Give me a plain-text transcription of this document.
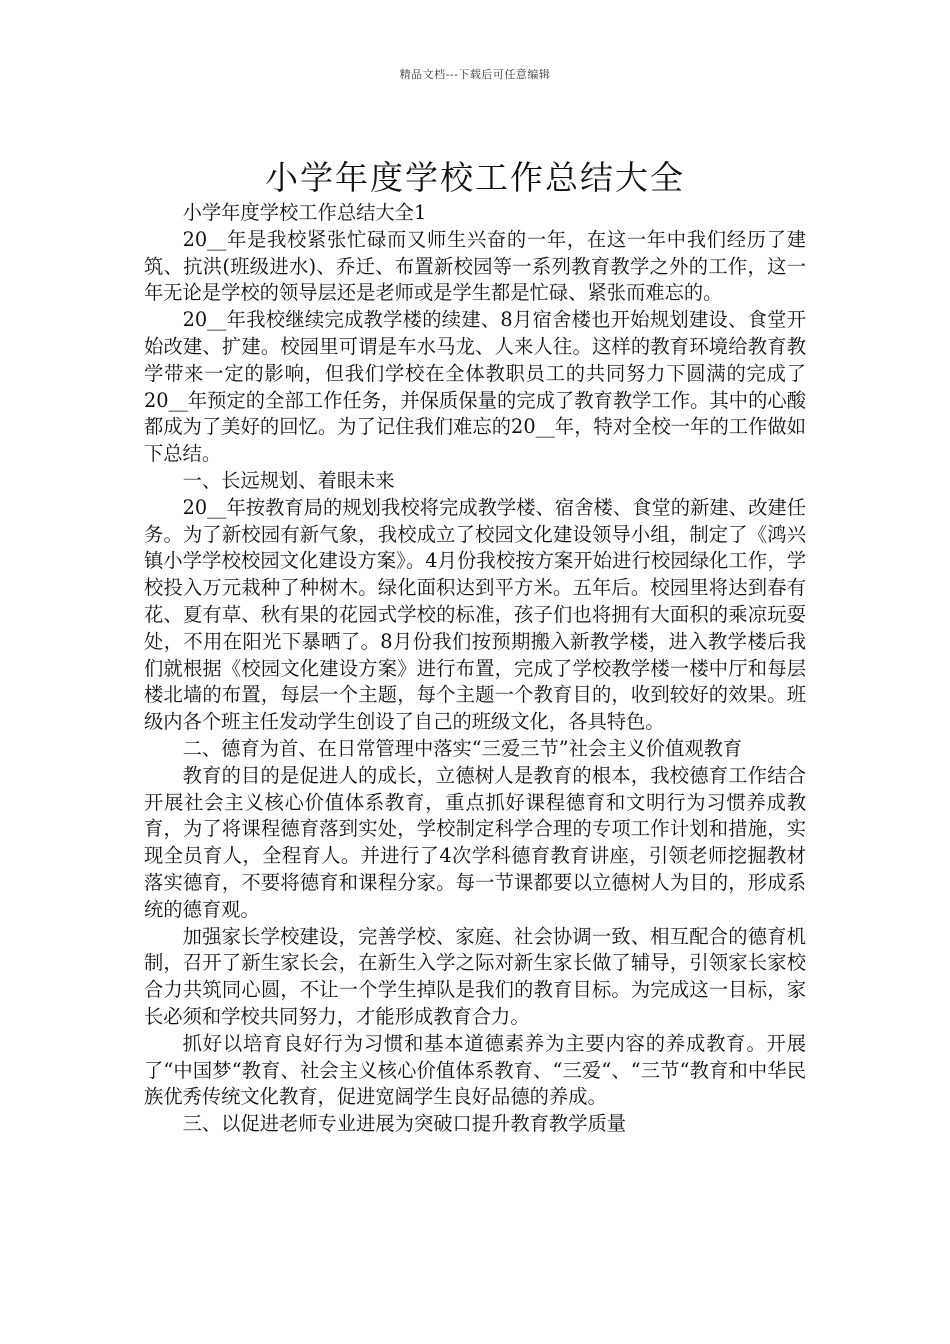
精品文档---下载后可任意编辑
小学年度学校工作总结大全

小学年度学校工作总结大全1

20__年是我校紧张忙碌而又师生兴奋的一年，在这一年中我们经历了建筑、抗洪(班级进水)、乔迁、布置新校园等一系列教育教学之外的工作，这一年无论是学校的领导层还是老师或是学生都是忙碌、紧张而难忘的。

20__年我校继续完成教学楼的续建、8月宿舍楼也开始规划建设、食堂开始改建、扩建。校园里可谓是车水马龙、人来人往。这样的教育环境给教育教学带来一定的影响，但我们学校在全体教职员工的共同努力下圆满的完成了20__年预定的全部工作任务，并保质保量的完成了教育教学工作。其中的心酸都成为了美好的回忆。为了记住我们难忘的20__年，特对全校一年的工作做如下总结。

一、长远规划、着眼未来

20__年按教育局的规划我校将完成教学楼、宿舍楼、食堂的新建、改建任务。为了新校园有新气象，我校成立了校园文化建设领导小组，制定了《鸿兴镇小学学校校园文化建设方案》。4月份我校按方案开始进行校园绿化工作，学校投入万元栽种了种树木。绿化面积达到平方米。五年后。校园里将达到春有花、夏有草、秋有果的花园式学校的标准，孩子们也将拥有大面积的乘凉玩耍处，不用在阳光下暴晒了。8月份我们按预期搬入新教学楼，进入教学楼后我们就根据《校园文化建设方案》进行布置，完成了学校教学楼一楼中厅和每层楼北墙的布置，每层一个主题，每个主题一个教育目的，收到较好的效果。班级内各个班主任发动学生创设了自己的班级文化，各具特色。

二、德育为首、在日常管理中落实“三爱三节”社会主义价值观教育

教育的目的是促进人的成长，立德树人是教育的根本，我校德育工作结合开展社会主义核心价值体系教育，重点抓好课程德育和文明行为习惯养成教育，为了将课程德育落到实处，学校制定科学合理的专项工作计划和措施，实现全员育人，全程育人。并进行了4次学科德育教育讲座，引领老师挖掘教材落实德育，不要将德育和课程分家。每一节课都要以立德树人为目的，形成系统的德育观。

加强家长学校建设，完善学校、家庭、社会协调一致、相互配合的德育机制，召开了新生家长会，在新生入学之际对新生家长做了辅导，引领家长家校合力共筑同心圆，不让一个学生掉队是我们的教育目标。为完成这一目标，家长必须和学校共同努力，才能形成教育合力。

抓好以培育良好行为习惯和基本道德素养为主要内容的养成教育。开展了“中国梦“教育、社会主义核心价值体系教育、“三爱“、“三节“教育和中华民族优秀传统文化教育，促进宽阔学生良好品德的养成。

三、以促进老师专业进展为突破口提升教育教学质量
